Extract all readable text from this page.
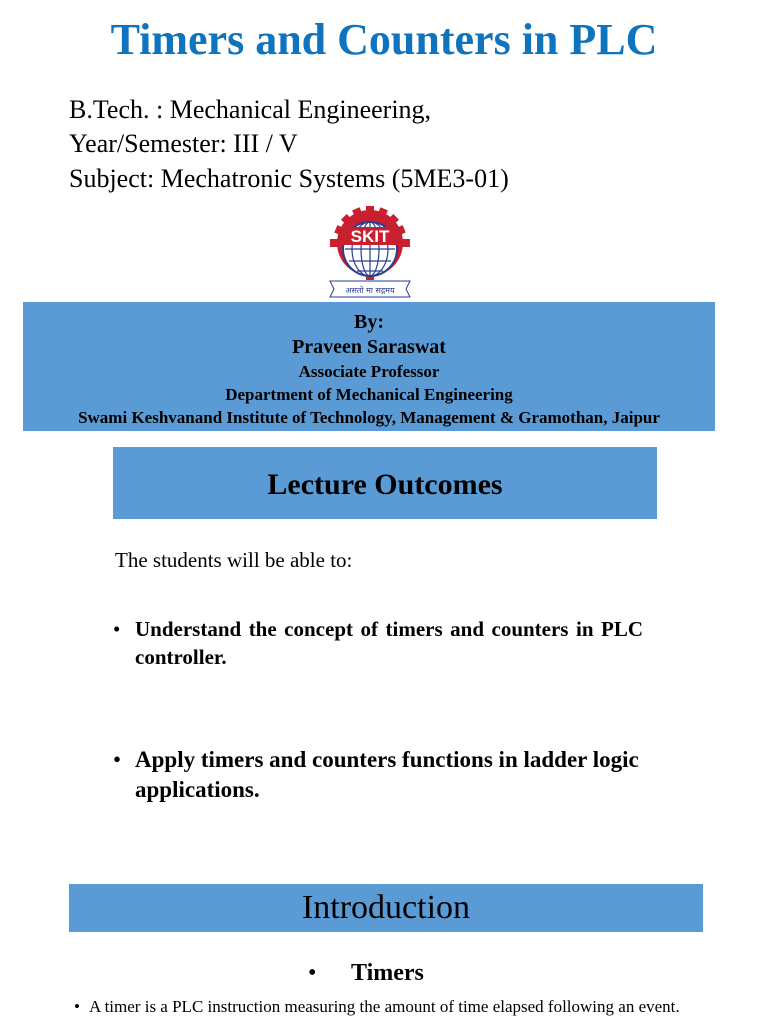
Timers and Counters in PLC
B.Tech. : Mechanical Engineering,
Year/Semester: III / V
Subject: Mechatronic Systems (5ME3-01)
SKIT
असतो मा सद्गमय
By:
Praveen Saraswat
Associate Professor
Department of Mechanical Engineering
Swami Keshvanand Institute of Technology, Management & Gramothan, Jaipur
Lecture Outcomes
The students will be able to:
• Understand the concept of timers and counters in PLC controller.
• Apply timers and counters functions in ladder logic applications.
Introduction
• Timers
• A timer is a PLC instruction measuring the amount of time elapsed following an event.
